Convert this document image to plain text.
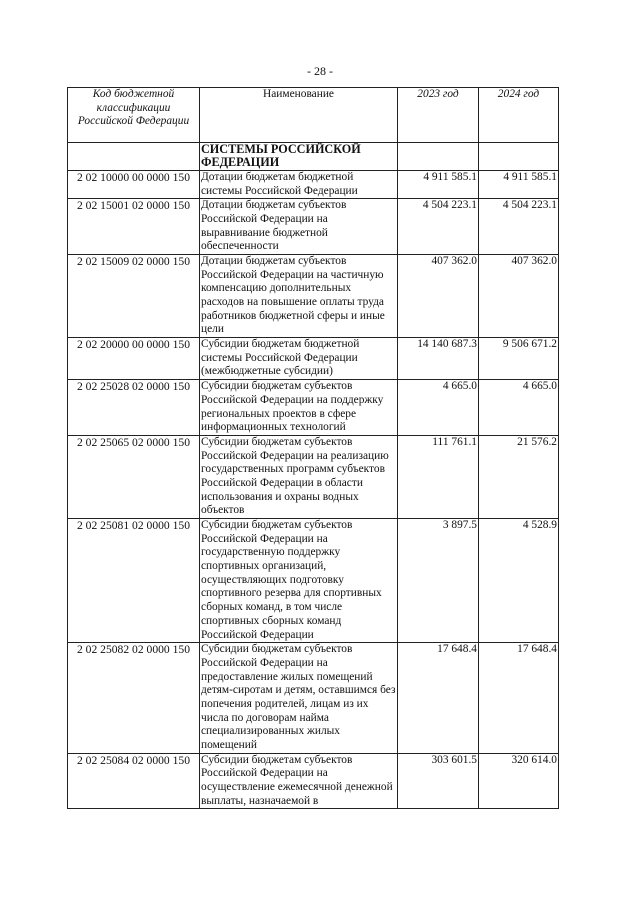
- 28 -
Код бюджетной классификации Российской Федерации	Наименование	2023 год	2024 год
	СИСТЕМЫ РОССИЙСКОЙ ФЕДЕРАЦИИ		
2 02 10000 00 0000 150	Дотации бюджетам бюджетной системы Российской Федерации	4 911 585.1	4 911 585.1
2 02 15001 02 0000 150	Дотации бюджетам субъектов Российской Федерации на выравнивание бюджетной обеспеченности	4 504 223.1	4 504 223.1
2 02 15009 02 0000 150	Дотации бюджетам субъектов Российской Федерации на частичную компенсацию дополнительных расходов на повышение оплаты труда работников бюджетной сферы и иные цели	407 362.0	407 362.0
2 02 20000 00 0000 150	Субсидии бюджетам бюджетной системы Российской Федерации (межбюджетные субсидии)	14 140 687.3	9 506 671.2
2 02 25028 02 0000 150	Субсидии бюджетам субъектов Российской Федерации на поддержку региональных проектов в сфере информационных технологий	4 665.0	4 665.0
2 02 25065 02 0000 150	Субсидии бюджетам субъектов Российской Федерации на реализацию государственных программ субъектов Российской Федерации в области использования и охраны водных объектов	111 761.1	21 576.2
2 02 25081 02 0000 150	Субсидии бюджетам субъектов Российской Федерации на государственную поддержку спортивных организаций, осуществляющих подготовку спортивного резерва для спортивных сборных команд, в том числе спортивных сборных команд Российской Федерации	3 897.5	4 528.9
2 02 25082 02 0000 150	Субсидии бюджетам субъектов Российской Федерации на предоставление жилых помещений детям-сиротам и детям, оставшимся без попечения родителей, лицам из их числа по договорам найма специализированных жилых помещений	17 648.4	17 648.4
2 02 25084 02 0000 150	Субсидии бюджетам субъектов Российской Федерации на осуществление ежемесячной денежной выплаты, назначаемой в	303 601.5	320 614.0
